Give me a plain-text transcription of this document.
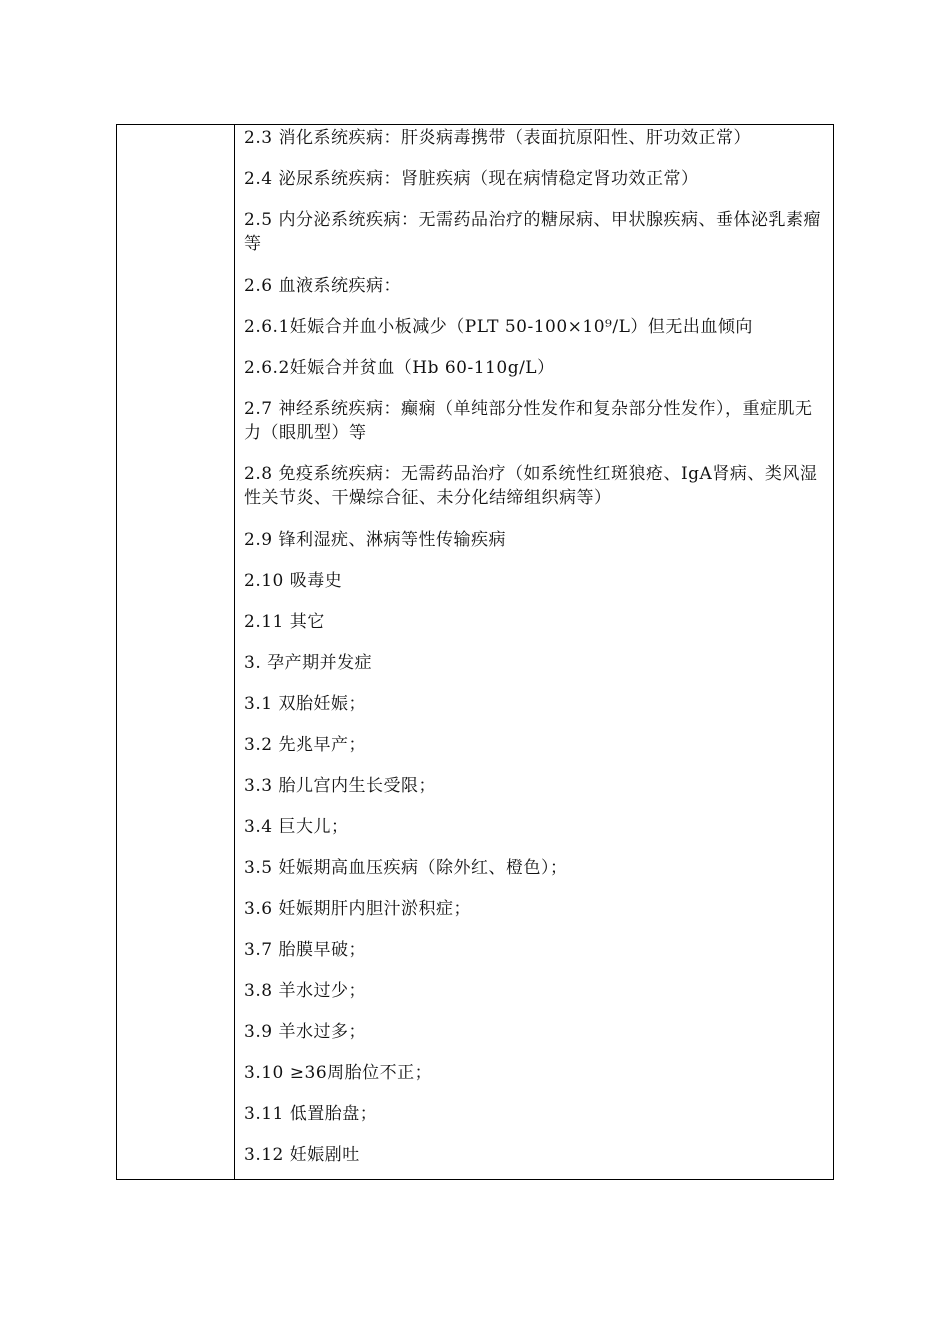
2.3 消化系统疾病：肝炎病毒携带（表面抗原阳性、肝功效正常）
2.4 泌尿系统疾病：肾脏疾病（现在病情稳定肾功效正常）
2.5 内分泌系统疾病：无需药品治疗的糖尿病、甲状腺疾病、垂体泌乳素瘤等
2.6 血液系统疾病：
2.6.1妊娠合并血小板减少（PLT 50-100×10⁹/L）但无出血倾向
2.6.2妊娠合并贫血（Hb 60-110g/L）
2.7 神经系统疾病：癫痫（单纯部分性发作和复杂部分性发作），重症肌无力（眼肌型）等
2.8 免疫系统疾病：无需药品治疗（如系统性红斑狼疮、IgA肾病、类风湿性关节炎、干燥综合征、未分化结缔组织病等）
2.9 锋利湿疣、淋病等性传输疾病
2.10 吸毒史
2.11 其它
3. 孕产期并发症
3.1 双胎妊娠；
3.2 先兆早产；
3.3 胎儿宫内生长受限；
3.4 巨大儿；
3.5 妊娠期高血压疾病（除外红、橙色）；
3.6 妊娠期肝内胆汁淤积症；
3.7 胎膜早破；
3.8 羊水过少；
3.9 羊水过多；
3.10 ≥36周胎位不正；
3.11 低置胎盘；
3.12 妊娠剧吐
